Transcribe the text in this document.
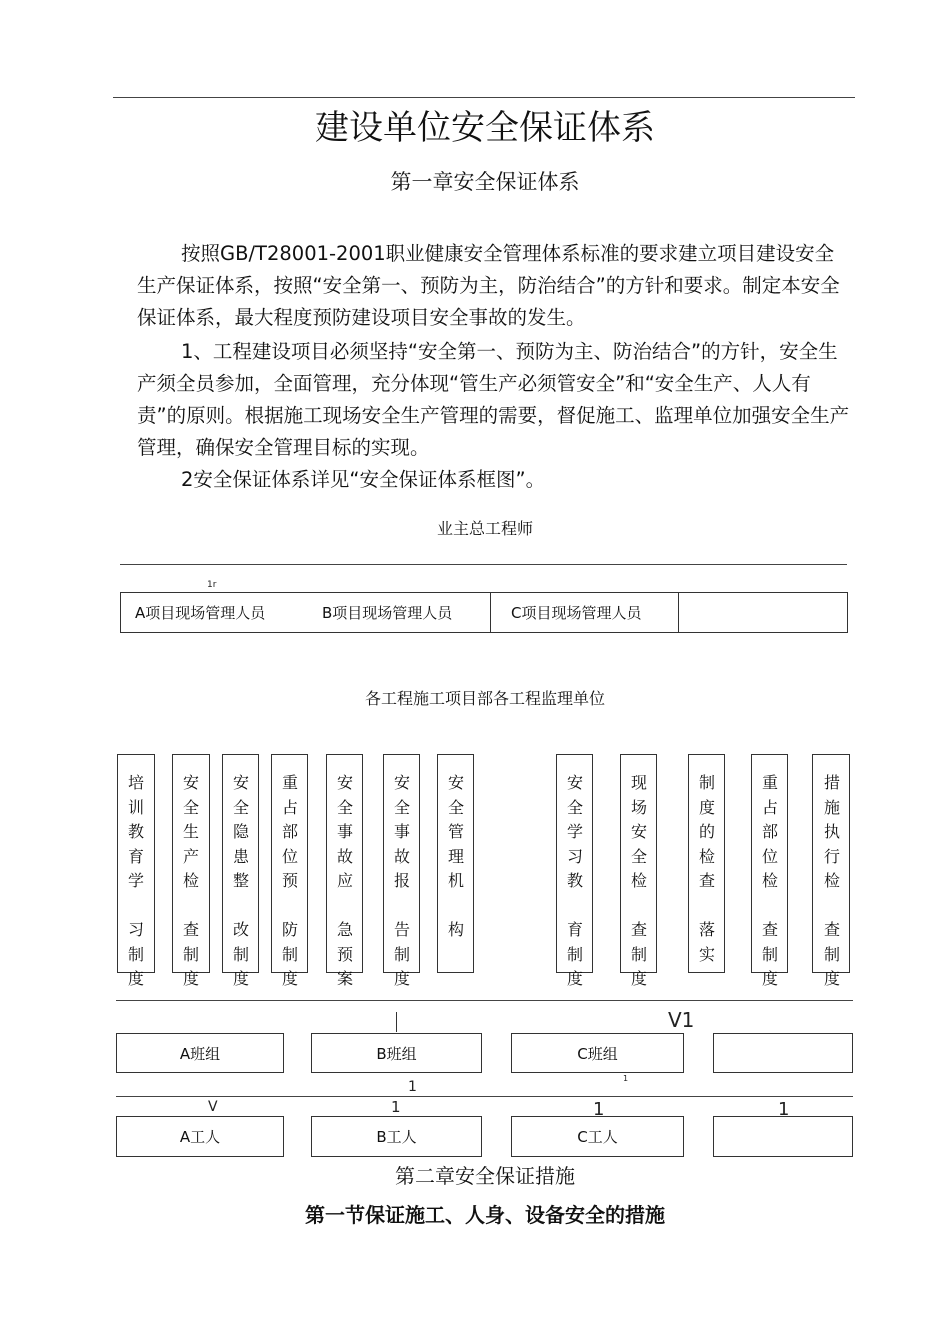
建设单位安全保证体系
第一章安全保证体系
按照GB/T28001-2001职业健康安全管理体系标准的要求建立项目建设安全生产保证体系，按照“安全第一、预防为主，防治结合”的方针和要求。制定本安全保证体系，最大程度预防建设项目安全事故的发生。
1、工程建设项目必须坚持“安全第一、预防为主、防治结合”的方针，安全生产须全员参加，全面管理，充分体现“管生产必须管安全”和“安全生产、人人有责”的原则。根据施工现场安全生产管理的需要，督促施工、监理单位加强安全生产管理，确保安全管理目标的实现。
2安全保证体系详见“安全保证体系框图”。
业主总工程师
1r
A项目现场管理人员	B项目现场管理人员	C项目现场管理人员
各工程施工项目部各工程监理单位
培
训
教
育
学

习
制
度
安
全
生
产
检

查
制
度
安
全
隐
患
整

改
制
度
重
占
部
位
预

防
制
度
安
全
事
故
应

急
预
案
安
全
事
故
报

告
制
度
安
全
管
理
机

构
安
全
学
习
教

育
制
度
现
场
安
全
检

查
制
度
制
度
的
检
查

落
实
重
占
部
位
检

查
制
度
措
施
执
行
检

查
制
度
V1
A班组	B班组	C班组
1
1
V	1	1	1
A工人	B工人	C工人
第二章安全保证措施
第一节保证施工、人身、设备安全的措施
